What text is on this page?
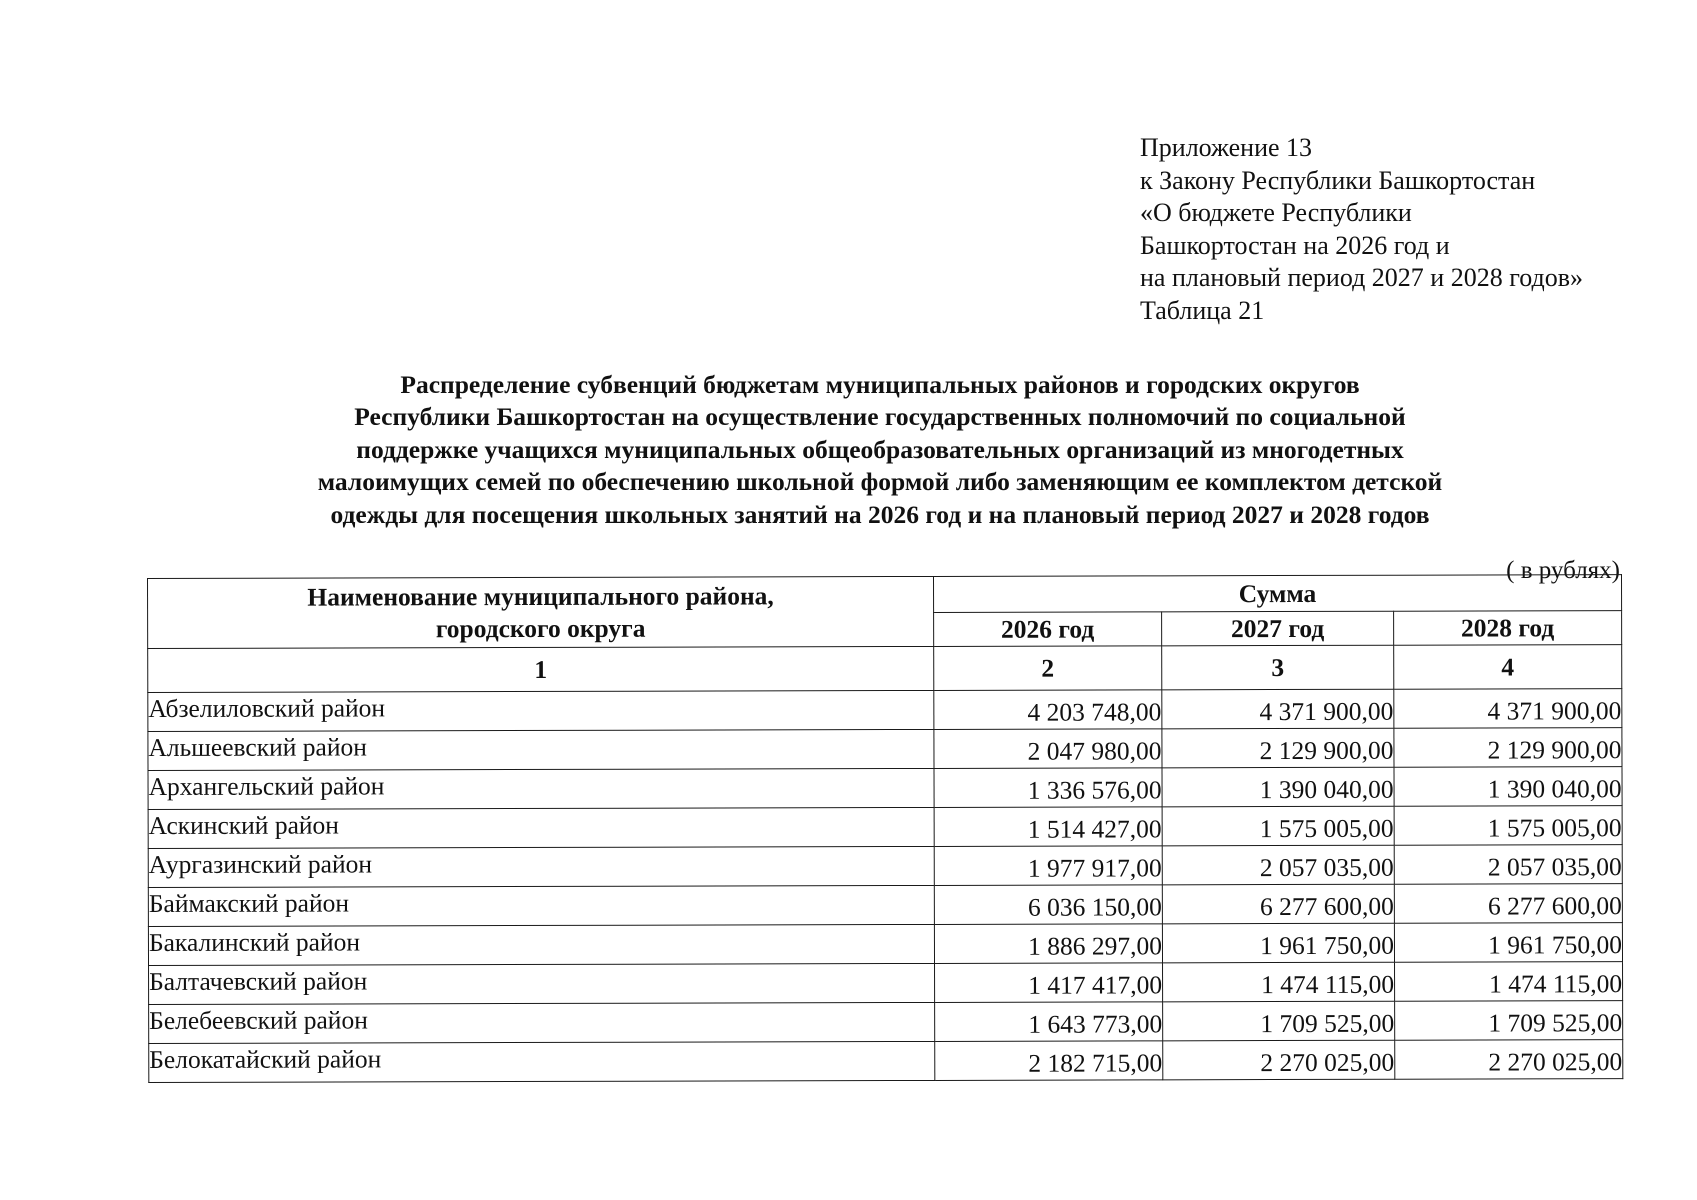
Приложение 13
к Закону Республики Башкортостан
«О бюджете Республики
Башкортостан на 2026 год и
на плановый период 2027 и 2028 годов»
Таблица 21
Распределение субвенций бюджетам муниципальных районов и городских округов
Республики Башкортостан на осуществление государственных полномочий по социальной
поддержке учащихся муниципальных общеобразовательных организаций из многодетных
малоимущих семей по обеспечению школьной формой либо заменяющим ее комплектом детской
одежды для посещения школьных занятий на 2026 год и на плановый период 2027 и 2028 годов
( в рублях)
Наименование муниципального района,
городского округа	Сумма		
	2026 год	2027 год	2028 год
1	2	3	4
Абзелиловский район	4 203 748,00	4 371 900,00	4 371 900,00
Альшеевский район	2 047 980,00	2 129 900,00	2 129 900,00
Архангельский район	1 336 576,00	1 390 040,00	1 390 040,00
Аскинский район	1 514 427,00	1 575 005,00	1 575 005,00
Аургазинский район	1 977 917,00	2 057 035,00	2 057 035,00
Баймакский район	6 036 150,00	6 277 600,00	6 277 600,00
Бакалинский район	1 886 297,00	1 961 750,00	1 961 750,00
Балтачевский район	1 417 417,00	1 474 115,00	1 474 115,00
Белебеевский район	1 643 773,00	1 709 525,00	1 709 525,00
Белокатайский район	2 182 715,00	2 270 025,00	2 270 025,00
